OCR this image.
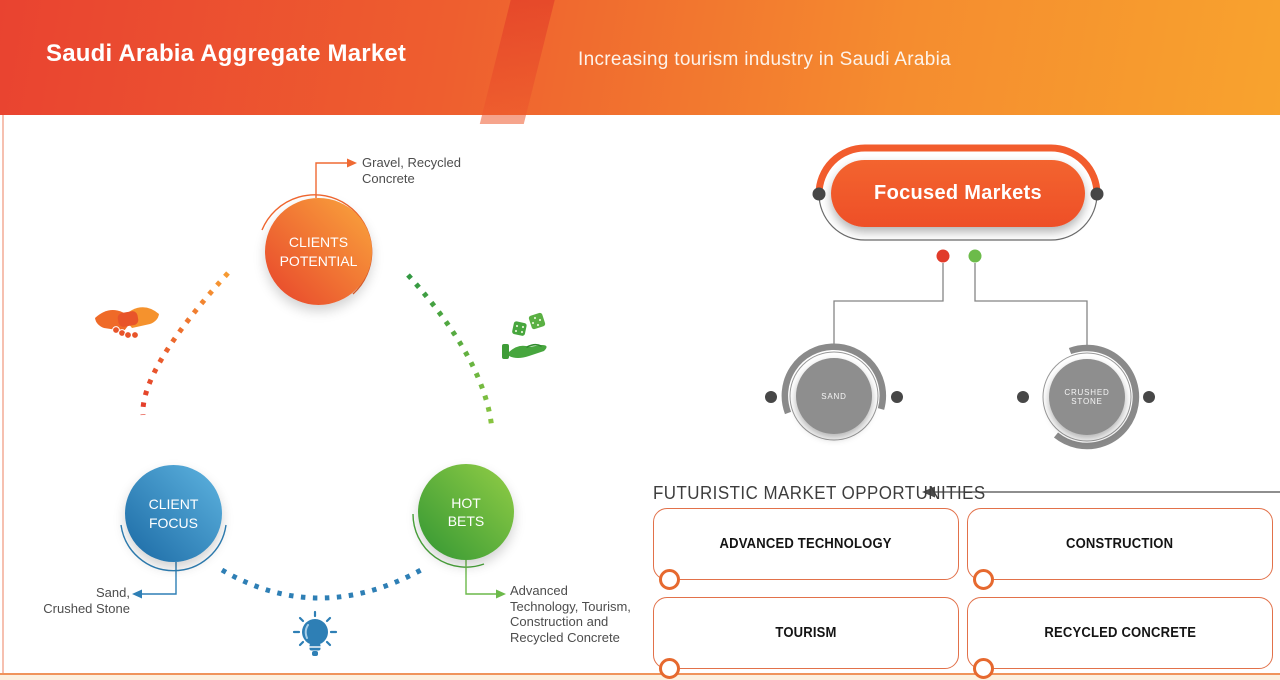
Saudi Arabia Aggregate Market	Increasing tourism industry in Saudi Arabia
CLIENTS
POTENTIAL
CLIENT
FOCUS
HOT
BETS
Gravel, Recycled
Concrete
Sand,
Crushed Stone
Advanced
Technology, Tourism,
Construction and
Recycled Concrete
Focused Markets
SAND	CRUSHED STONE
FUTURISTIC MARKET OPPORTUNITIES
ADVANCED TECHNOLOGY	CONSTRUCTION
TOURISM	RECYCLED CONCRETE
